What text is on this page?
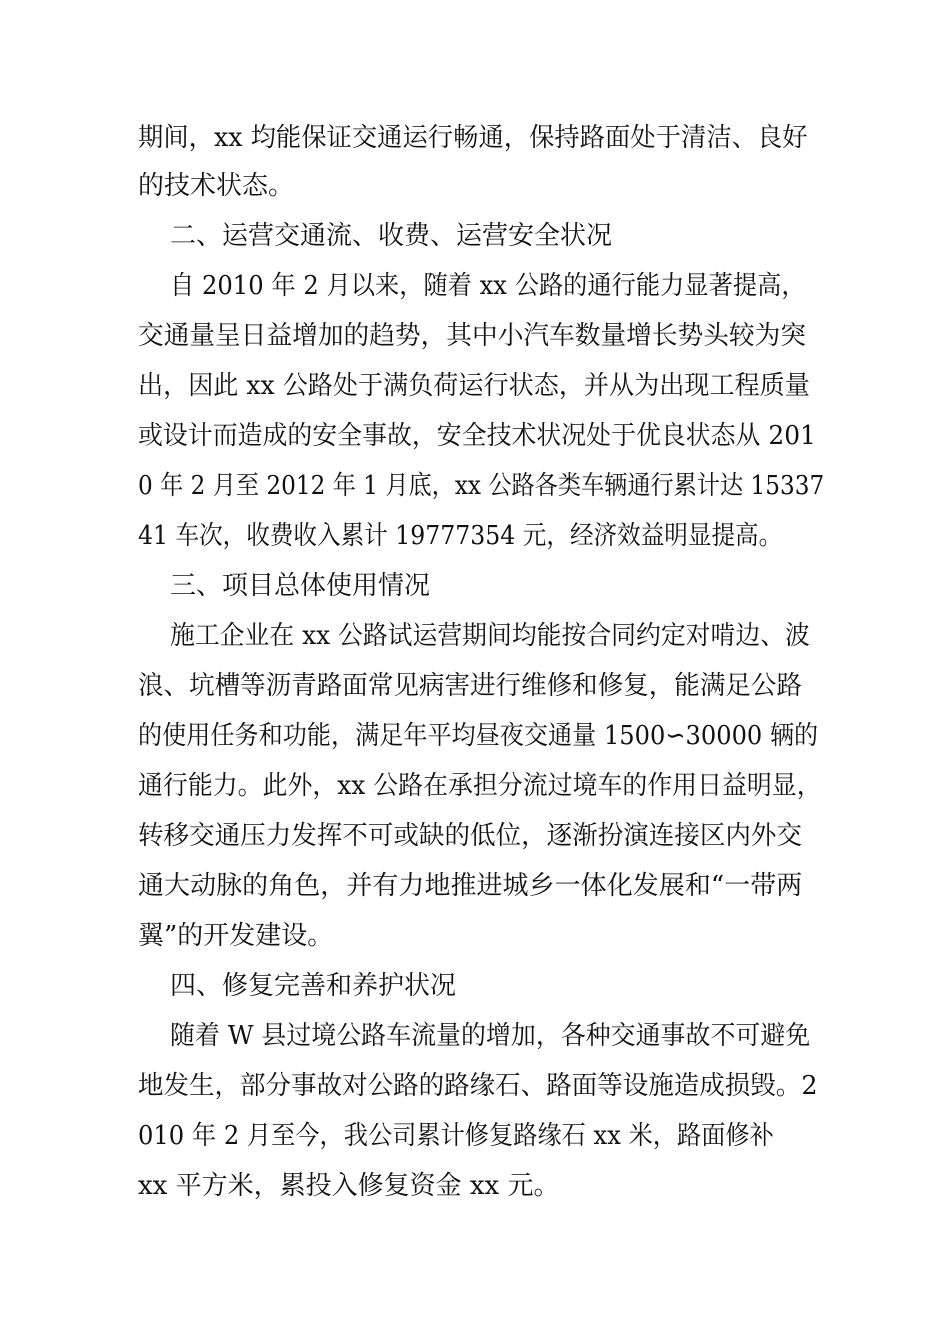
期间，xx 均能保证交通运行畅通，保持路面处于清洁、良好
的技术状态。
二、运营交通流、收费、运营安全状况
自 2010 年 2 月以来，随着 xx 公路的通行能力显著提高，
交通量呈日益增加的趋势，其中小汽车数量增长势头较为突
出，因此 xx 公路处于满负荷运行状态，并从为出现工程质量
或设计而造成的安全事故，安全技术状况处于优良状态从 201
0 年 2 月至 2012 年 1 月底，xx 公路各类车辆通行累计达 15337
41 车次，收费收入累计 19777354 元，经济效益明显提高。
三、项目总体使用情况
施工企业在 xx 公路试运营期间均能按合同约定对啃边、波
浪、坑槽等沥青路面常见病害进行维修和修复，能满足公路
的使用任务和功能，满足年平均昼夜交通量 1500∽30000 辆的
通行能力。此外，xx 公路在承担分流过境车的作用日益明显，
转移交通压力发挥不可或缺的低位，逐渐扮演连接区内外交
通大动脉的角色，并有力地推进城乡一体化发展和“一带两
翼”的开发建设。
四、修复完善和养护状况
随着 W 县过境公路车流量的增加，各种交通事故不可避免
地发生，部分事故对公路的路缘石、路面等设施造成损毁。2
010 年 2 月至今，我公司累计修复路缘石 xx 米，路面修补
xx 平方米，累投入修复资金 xx 元。
